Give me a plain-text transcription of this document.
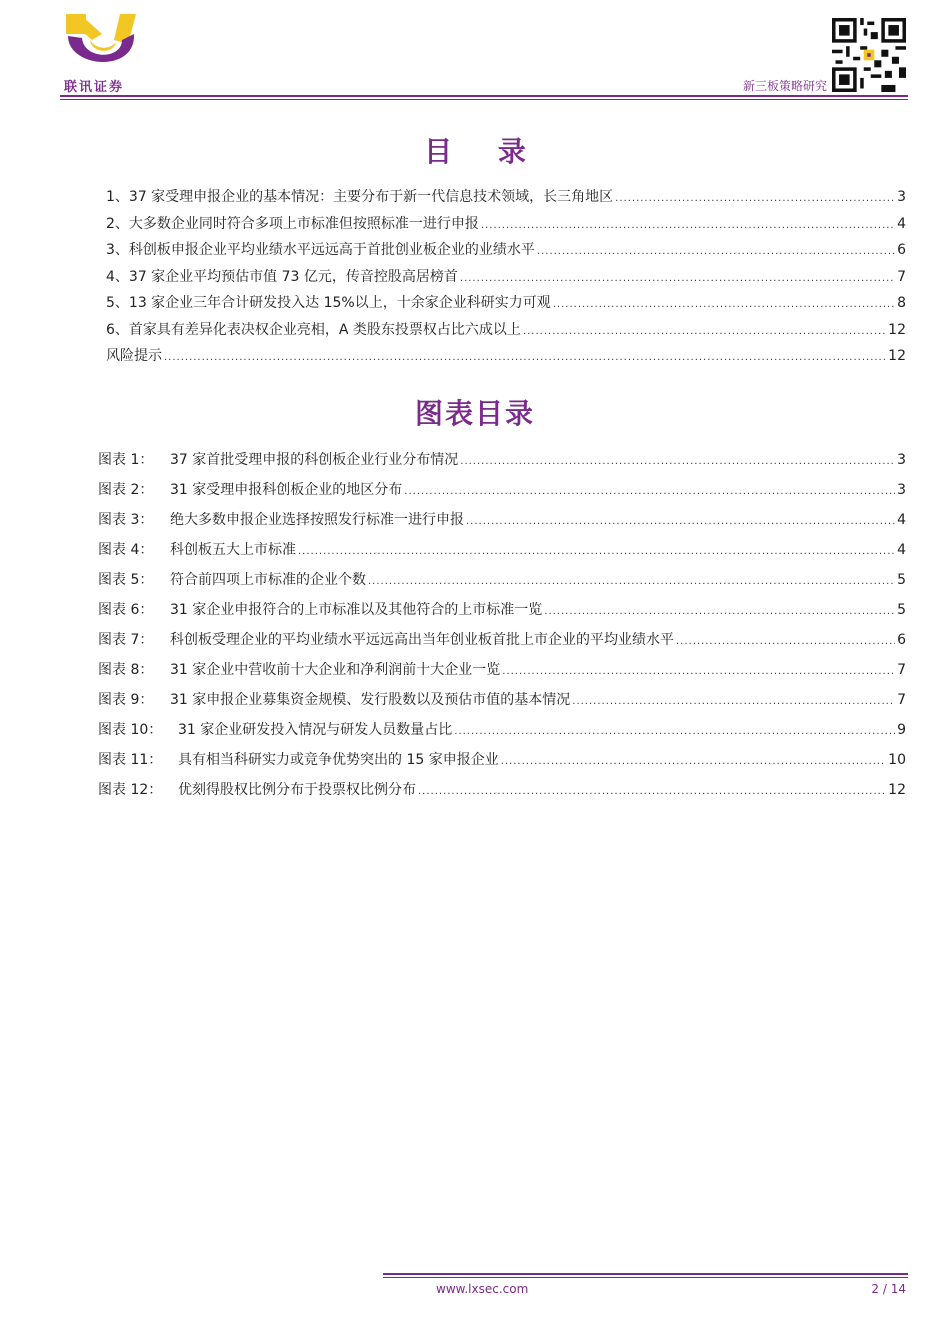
联讯证券	新三板策略研究
目 录
1、37 家受理申报企业的基本情况：主要分布于新一代信息技术领域，长三角地区 .....	3
2、大多数企业同时符合多项上市标准但按照标准一进行申报 .....	4
3、科创板申报企业平均业绩水平远远高于首批创业板企业的业绩水平 .....	6
4、37 家企业平均预估市值 73 亿元，传音控股高居榜首 .....	7
5、13 家企业三年合计研发投入达 15%以上，十余家企业科研实力可观 .....	8
6、首家具有差异化表决权企业亮相，A 类股东投票权占比六成以上 .....	12
风险提示 .....	12
图表目录
图表 1：	37 家首批受理申报的科创板企业行业分布情况 .....	3
图表 2：	31 家受理申报科创板企业的地区分布 .....	3
图表 3：	绝大多数申报企业选择按照发行标准一进行申报 .....	4
图表 4：	科创板五大上市标准 .....	4
图表 5：	符合前四项上市标准的企业个数 .....	5
图表 6：	31 家企业申报符合的上市标准以及其他符合的上市标准一览 .....	5
图表 7：	科创板受理企业的平均业绩水平远远高出当年创业板首批上市企业的平均业绩水平 .....	6
图表 8：	31 家企业中营收前十大企业和净利润前十大企业一览 .....	7
图表 9：	31 家申报企业募集资金规模、发行股数以及预估市值的基本情况 .....	7
图表 10：	31 家企业研发投入情况与研发人员数量占比 .....	9
图表 11：	具有相当科研实力或竞争优势突出的 15 家申报企业 .....	10
图表 12：	优刻得股权比例分布于投票权比例分布 .....	12
www.lxsec.com	2 / 14
